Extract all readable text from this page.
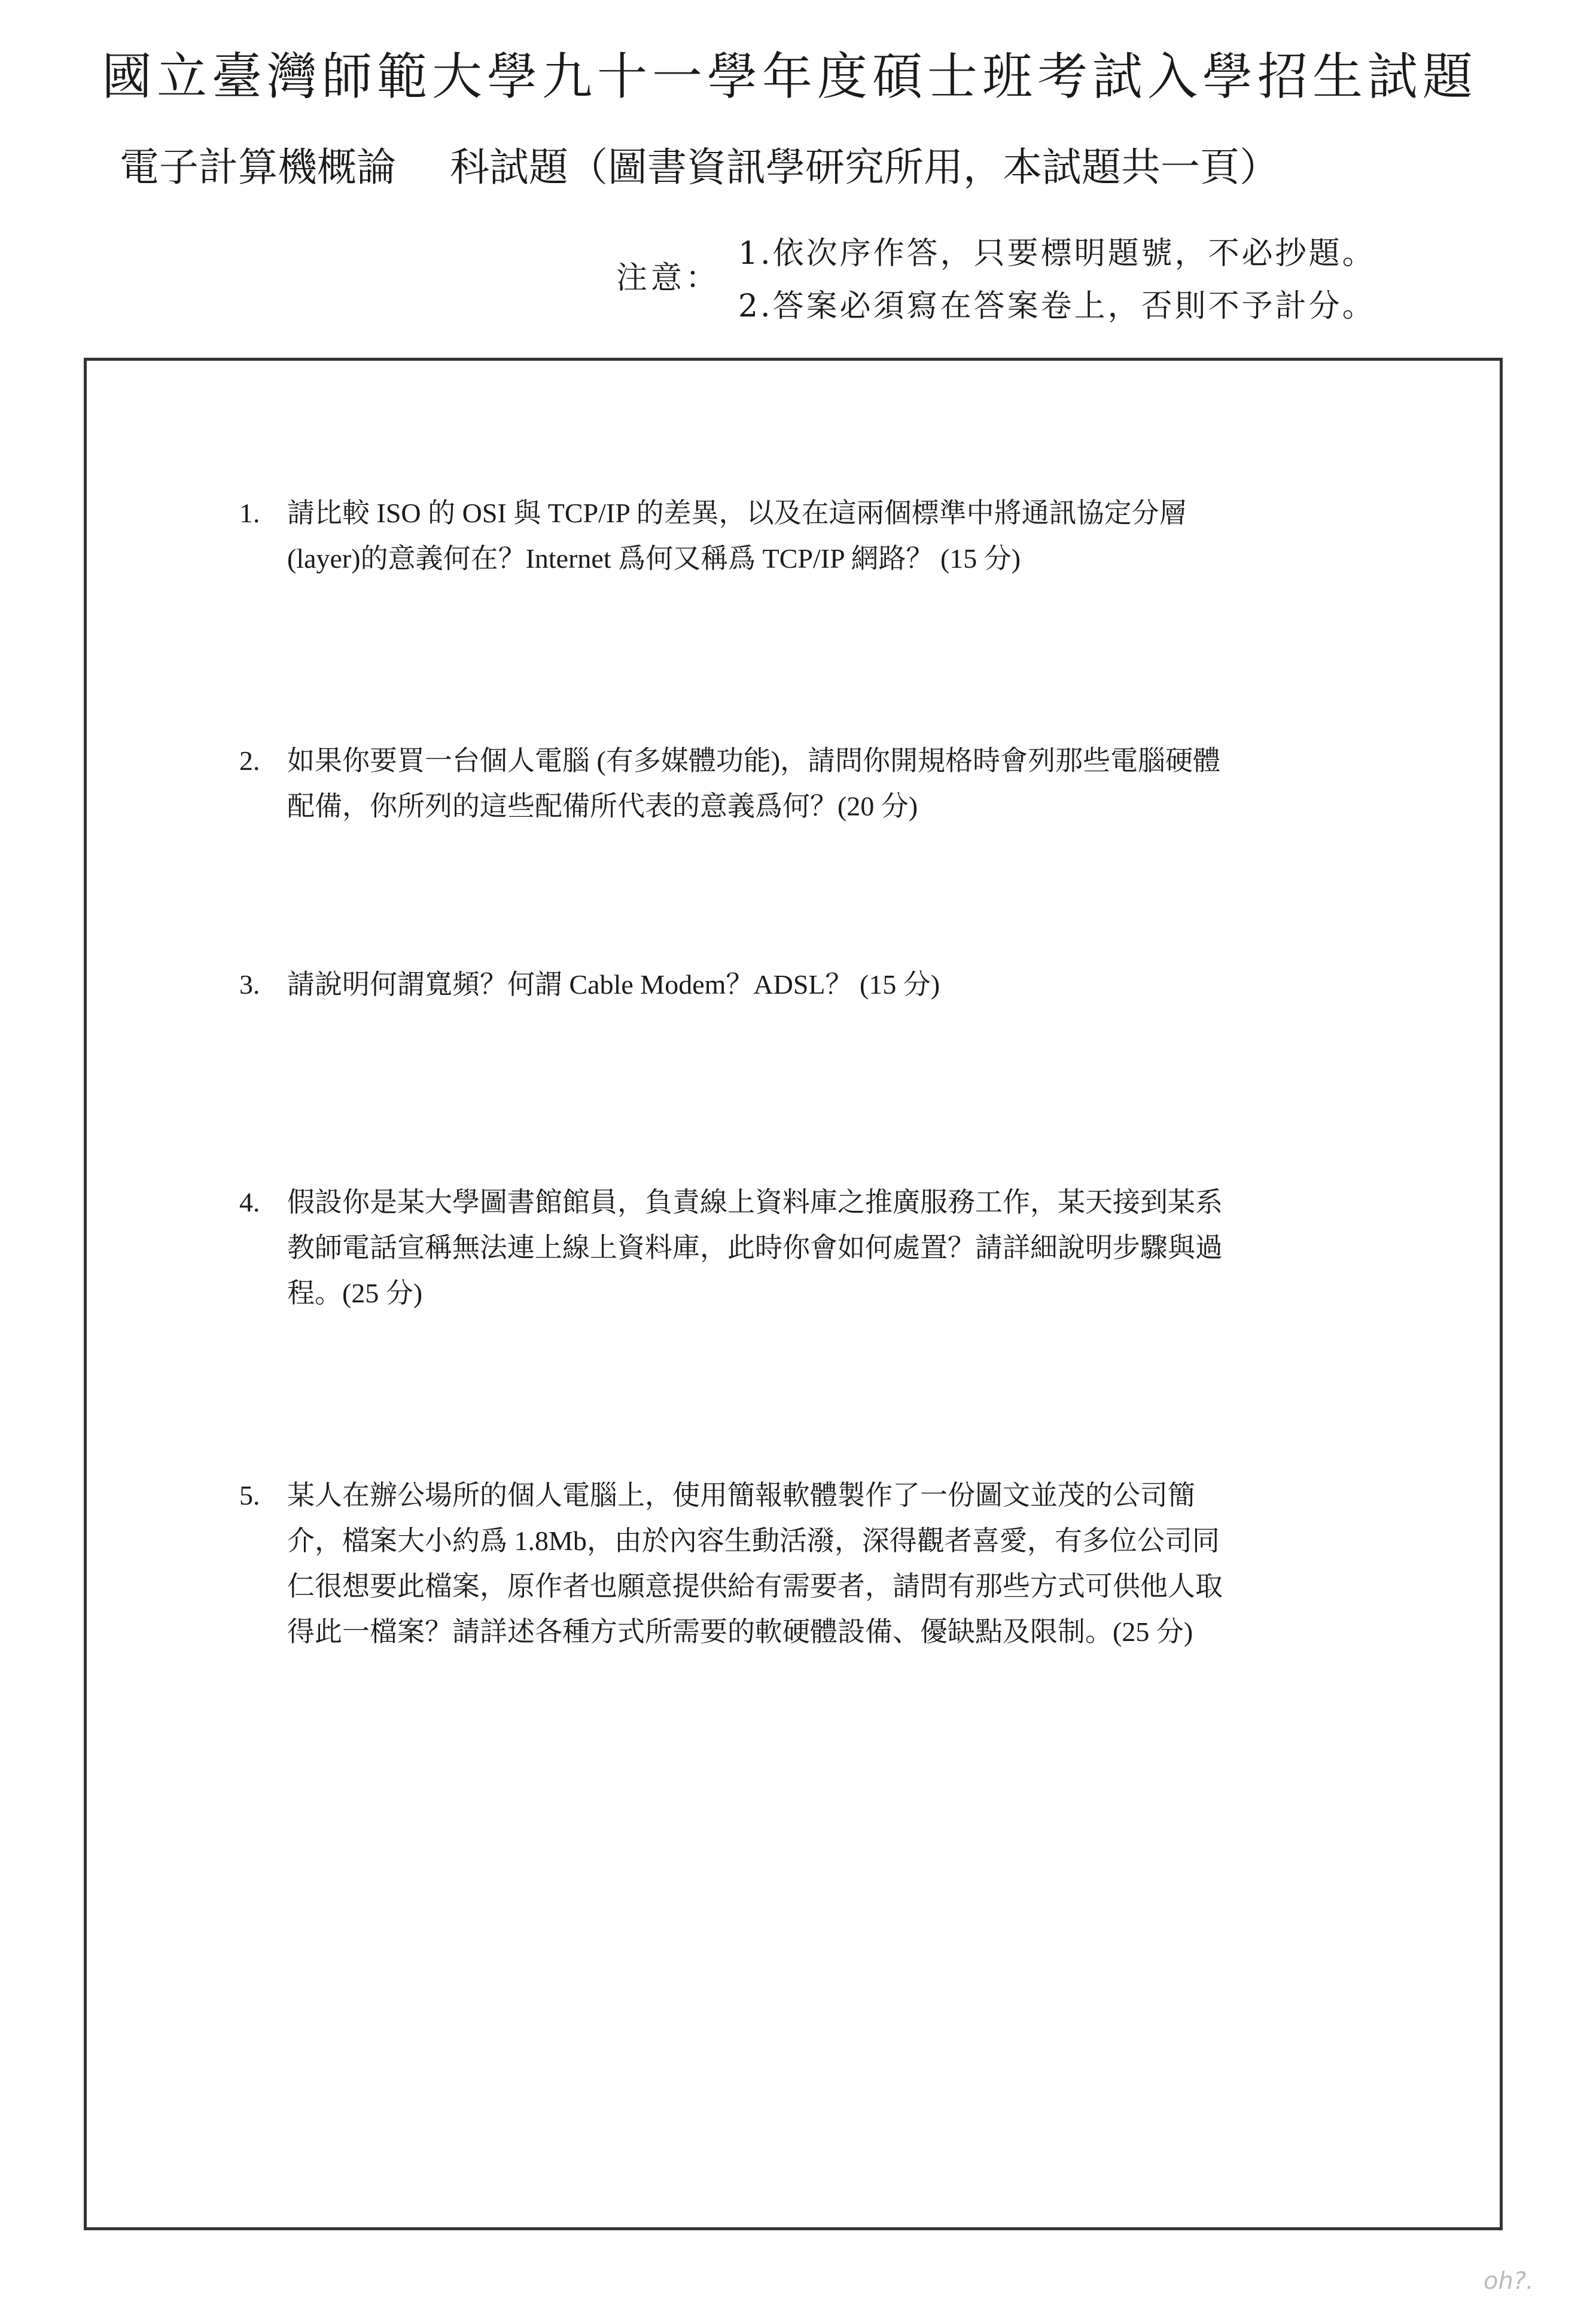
國立臺灣師範大學九十一學年度碩士班考試入學招生試題
電子計算機概論 科試題（圖書資訊學研究所用，本試題共一頁）
注意：
1.依次序作答，只要標明題號，不必抄題。
2.答案必須寫在答案卷上，否則不予計分。
1. 請比較 ISO 的 OSI 與 TCP/IP 的差異，以及在這兩個標準中將通訊協定分層
(layer)的意義何在？Internet 爲何又稱爲 TCP/IP 網路？ (15 分)
2. 如果你要買一台個人電腦 (有多媒體功能)，請問你開規格時會列那些電腦硬體
配備，你所列的這些配備所代表的意義爲何？(20 分)
3. 請說明何謂寬頻？何謂 Cable Modem？ADSL？ (15 分)
4. 假設你是某大學圖書館館員，負責線上資料庫之推廣服務工作，某天接到某系
教師電話宣稱無法連上線上資料庫，此時你會如何處置？請詳細說明步驟與過
程。(25 分)
5. 某人在辦公場所的個人電腦上，使用簡報軟體製作了一份圖文並茂的公司簡
介，檔案大小約爲 1.8Mb，由於內容生動活潑，深得觀者喜愛，有多位公司同
仁很想要此檔案，原作者也願意提供給有需要者，請問有那些方式可供他人取
得此一檔案？請詳述各種方式所需要的軟硬體設備、優缺點及限制。(25 分)
oh?.
